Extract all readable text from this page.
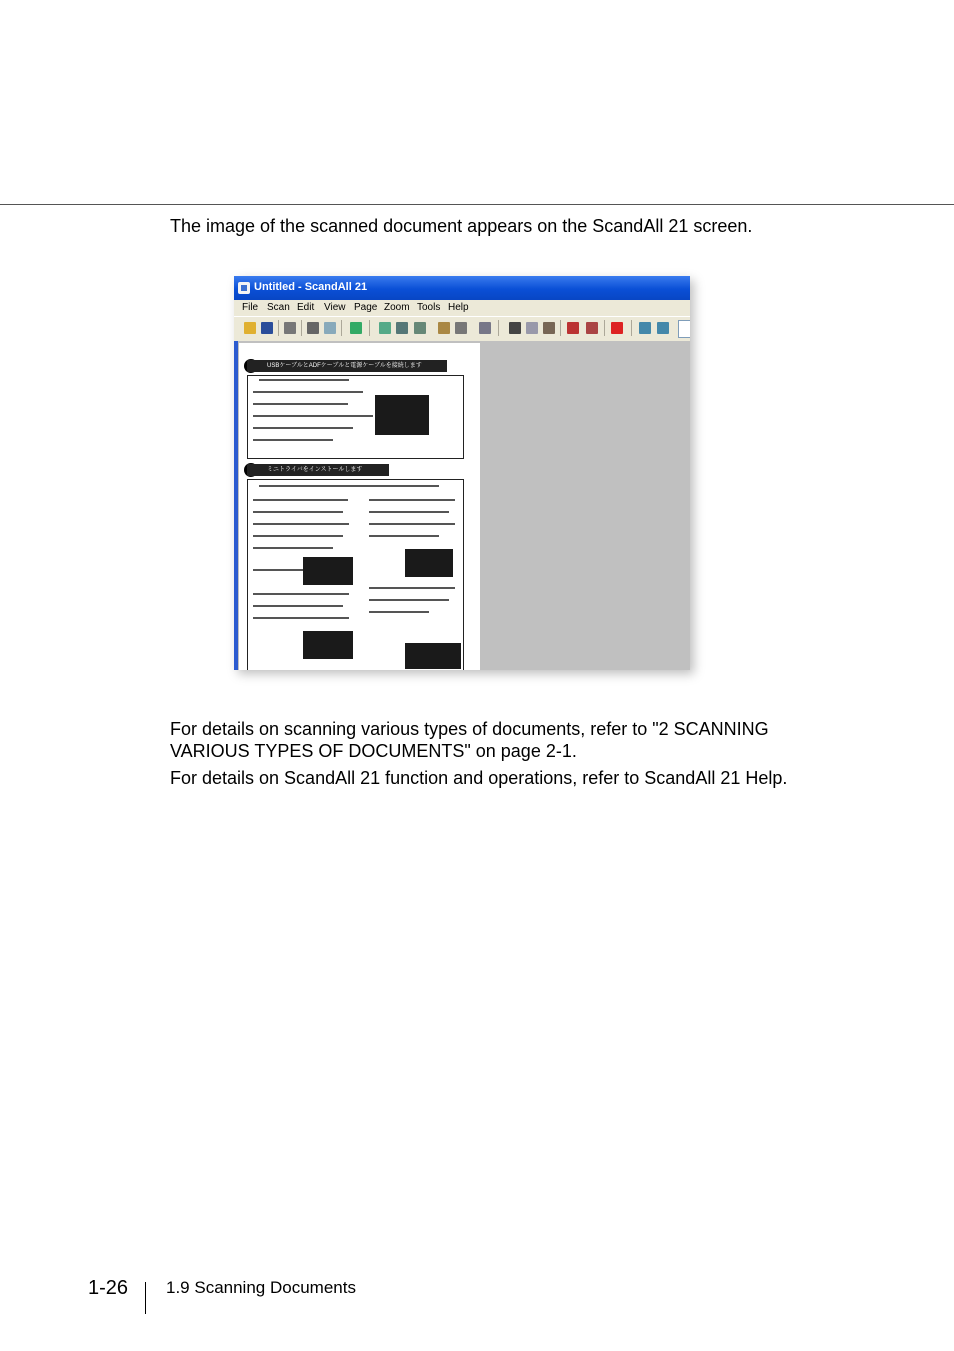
The image of the scanned document appears on the ScandAll 21 screen.

Untitled - ScandAll 21
File Scan Edit View Page Zoom Tools Help
USBケーブルとADFケーブルと電源ケーブルを接続します
ミニトライバをインストールします

For details on scanning various types of documents, refer to "2 SCANNING

VARIOUS TYPES OF DOCUMENTS" on page 2-1.

For details on ScandAll 21 function and operations, refer to ScandAll 21 Help.

1-26 1.9 Scanning Documents
